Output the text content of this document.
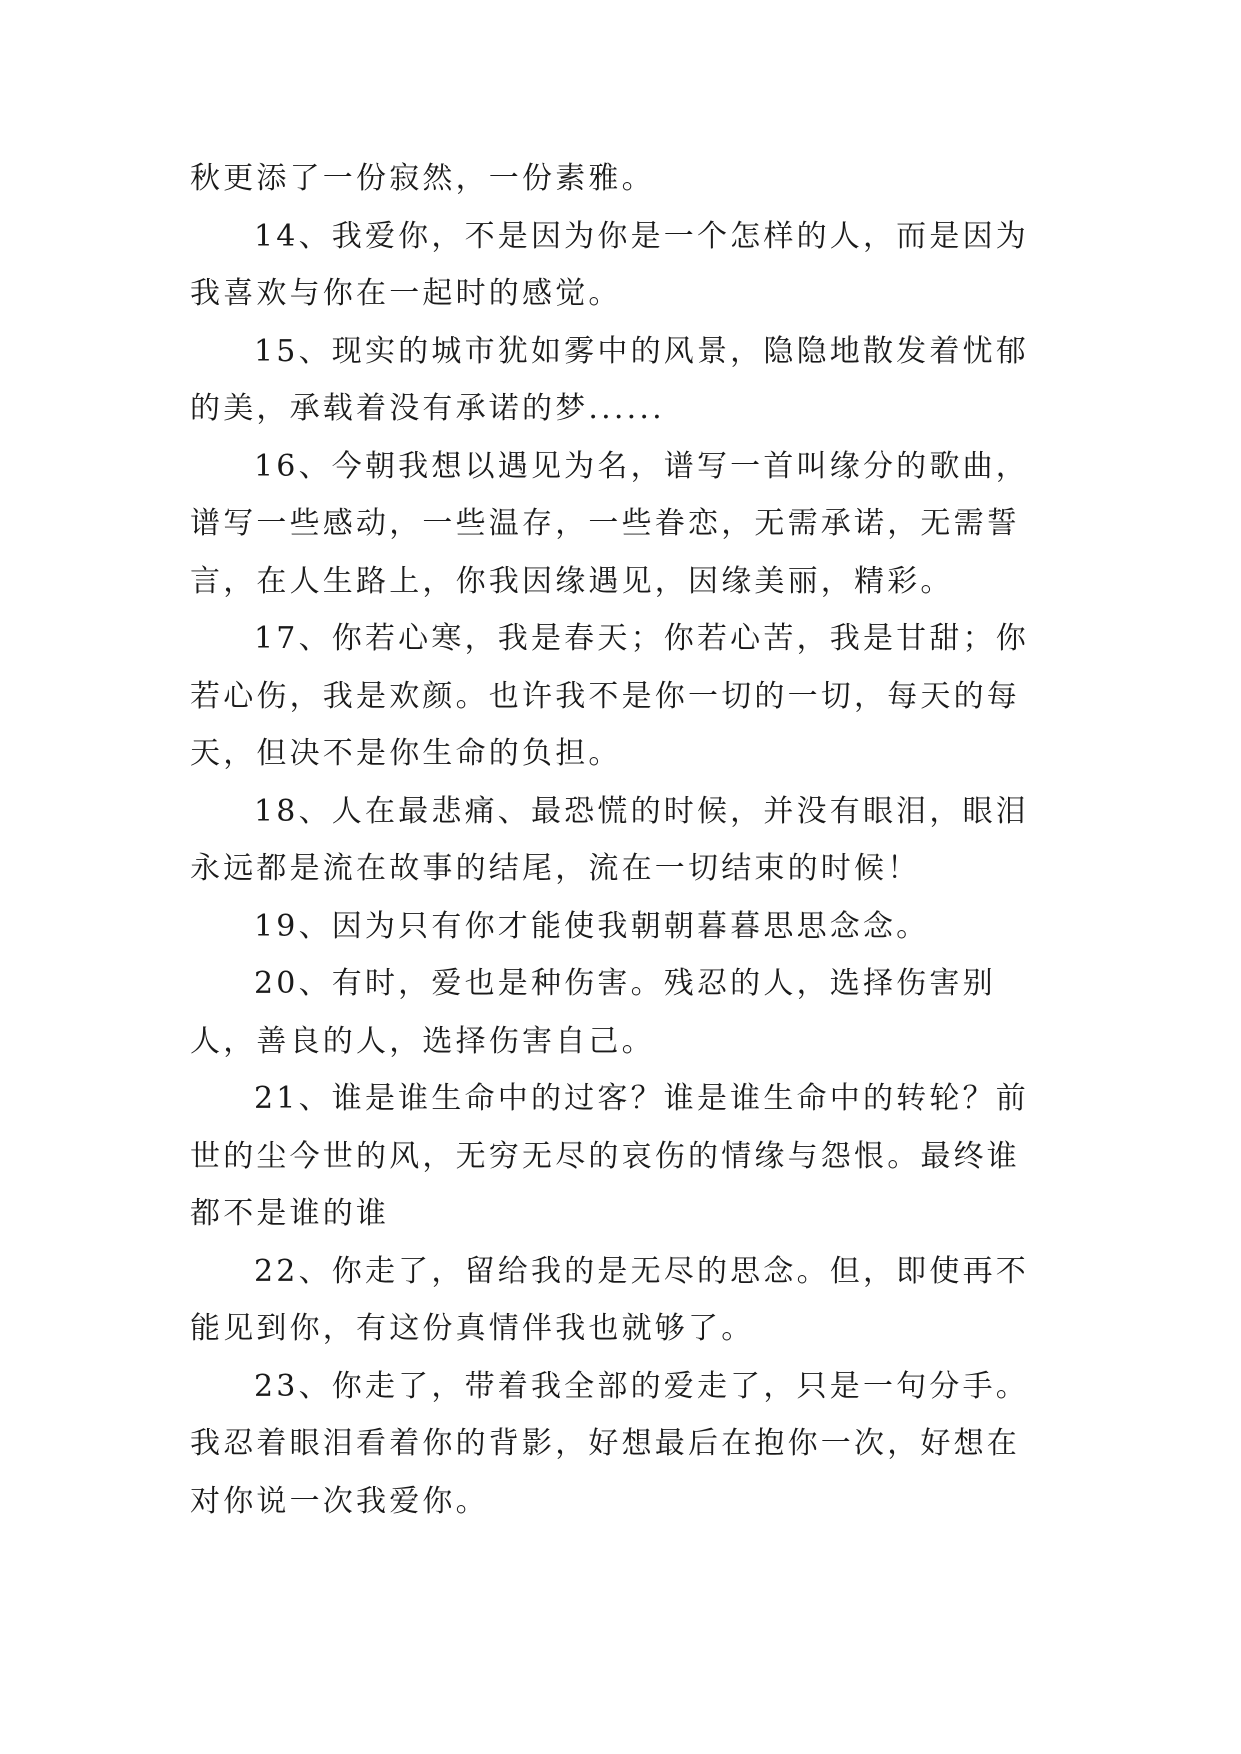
秋更添了一份寂然，一份素雅。

14、我爱你，不是因为你是一个怎样的人，而是因为我喜欢与你在一起时的感觉。

15、现实的城市犹如雾中的风景，隐隐地散发着忧郁的美，承载着没有承诺的梦......

16、今朝我想以遇见为名，谱写一首叫缘分的歌曲，谱写一些感动，一些温存，一些眷恋，无需承诺，无需誓言，在人生路上，你我因缘遇见，因缘美丽，精彩。

17、你若心寒，我是春天；你若心苦，我是甘甜；你若心伤，我是欢颜。也许我不是你一切的一切，每天的每天，但决不是你生命的负担。

18、人在最悲痛、最恐慌的时候，并没有眼泪，眼泪永远都是流在故事的结尾，流在一切结束的时候！

19、因为只有你才能使我朝朝暮暮思思念念。

20、有时，爱也是种伤害。残忍的人，选择伤害别人，善良的人，选择伤害自己。

21、谁是谁生命中的过客？谁是谁生命中的转轮？前世的尘今世的风，无穷无尽的哀伤的情缘与怨恨。最终谁都不是谁的谁

22、你走了，留给我的是无尽的思念。但，即使再不能见到你，有这份真情伴我也就够了。

23、你走了，带着我全部的爱走了，只是一句分手。我忍着眼泪看着你的背影，好想最后在抱你一次，好想在对你说一次我爱你。
